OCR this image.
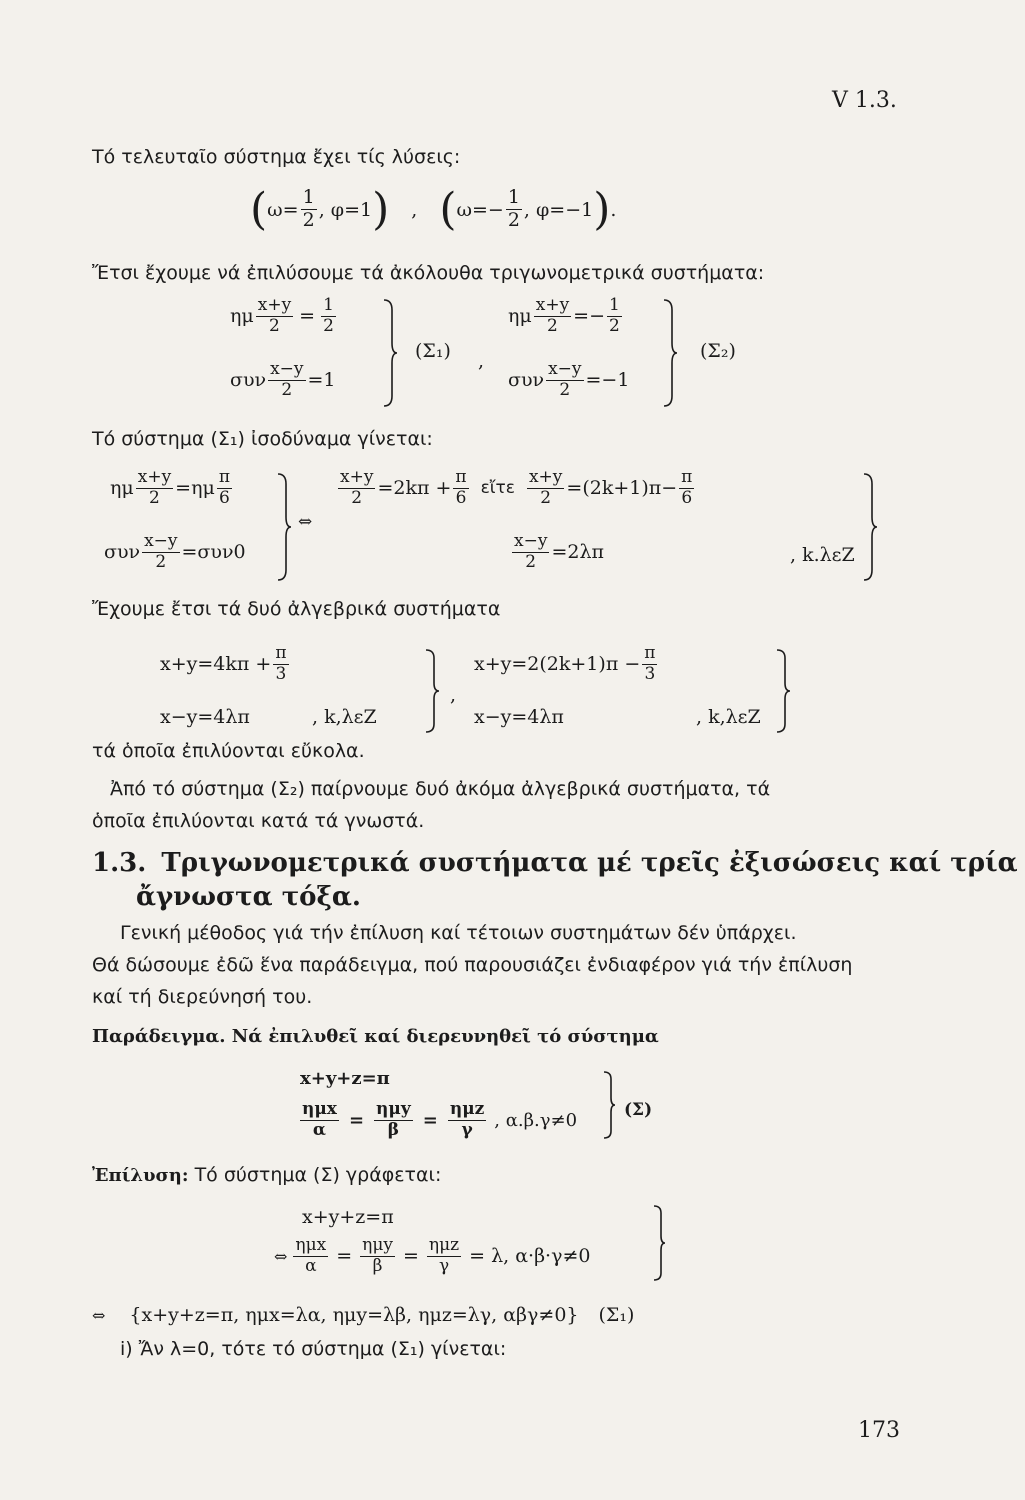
V 1.3.
Τό τελευταῖο σύστημα ἔχει τίς λύσεις:
( $\omega= \frac{1}{2}$ , φ=1 ) , ( $\omega=- \frac{1}{2}$ , φ=−1 ) .
Ἔτσι ἔχουμε νά ἐπιλύσουμε τά ἀκόλουθα τριγωνομετρικά συστήματα:
ημ $\frac{x+y}{2} = \frac{1}{2}$
συν $\frac{x-y}{2} =1$
(Σ₁) ,
ημ $\frac{x+y}{2} =- \frac{1}{2}$
συν $\frac{x-y}{2} =-1$
(Σ₂)
Τό σύστημα (Σ₁) ἰσοδύναμα γίνεται:
ημ $\frac{x+y}{2} =\eta\mu \frac{\pi}{6}$
συν $\frac{x-y}{2} =\sigma\upsilon\nu 0$
⇔
$\frac{x+y}{2} =2k\pi + \frac{\pi}{6}$ εἴτε $\frac{x+y}{2} =(2k+1)\pi- \frac{\pi}{6}$
$\frac{x-y}{2} =2\lambda\pi$	, k.λεZ
Ἔχουμε ἔτσι τά δυό ἀλγεβρικά συστήματα
$x+y=4k\pi + \frac{\pi}{3}$
x−y=4λπ	, k,λεZ
,
$x+y=2(2k+1)\pi - \frac{\pi}{3}$
x−y=4λπ	, k,λεZ
τά ὁποῖα ἐπιλύονται εὔκολα.
Ἀπό τό σύστημα (Σ₂) παίρνουμε δυό ἀκόμα ἀλγεβρικά συστήματα, τά
ὁποῖα ἐπιλύονται κατά τά γνωστά.
1.3. Τριγωνομετρικά συστήματα μέ τρεῖς ἐξισώσεις καί τρία
ἄγνωστα τόξα.
Γενική μέθοδος γιά τήν ἐπίλυση καί τέτοιων συστημάτων δέν ὑπάρχει.
Θά δώσουμε ἐδῶ ἕνα παράδειγμα, πού παρουσιάζει ἐνδιαφέρον γιά τήν ἐπίλυση
καί τή διερεύνησή του.
Παράδειγμα. Νά ἐπιλυθεῖ καί διερευνηθεῖ τό σύστημα
x+y+z=π
$\frac{\text{ημx}}{\alpha} = \frac{\text{ημy}}{\beta} = \frac{\text{ημz}}{\gamma}$ , α.β.γ≠0	(Σ)
Ἐπίλυση: Τό σύστημα (Σ) γράφεται:
x+y+z=π
⇔ $\frac{\text{ημx}}{\alpha} = \frac{\text{ημy}}{\beta} = \frac{\text{ημz}}{\gamma} = \lambda$, α·β·γ≠0
⇔ {x+y+z=π, ημx=λα, ημy=λβ, ημz=λγ, αβγ≠0} (Σ₁)
i) Ἄν λ=0, τότε τό σύστημα (Σ₁) γίνεται:
173
